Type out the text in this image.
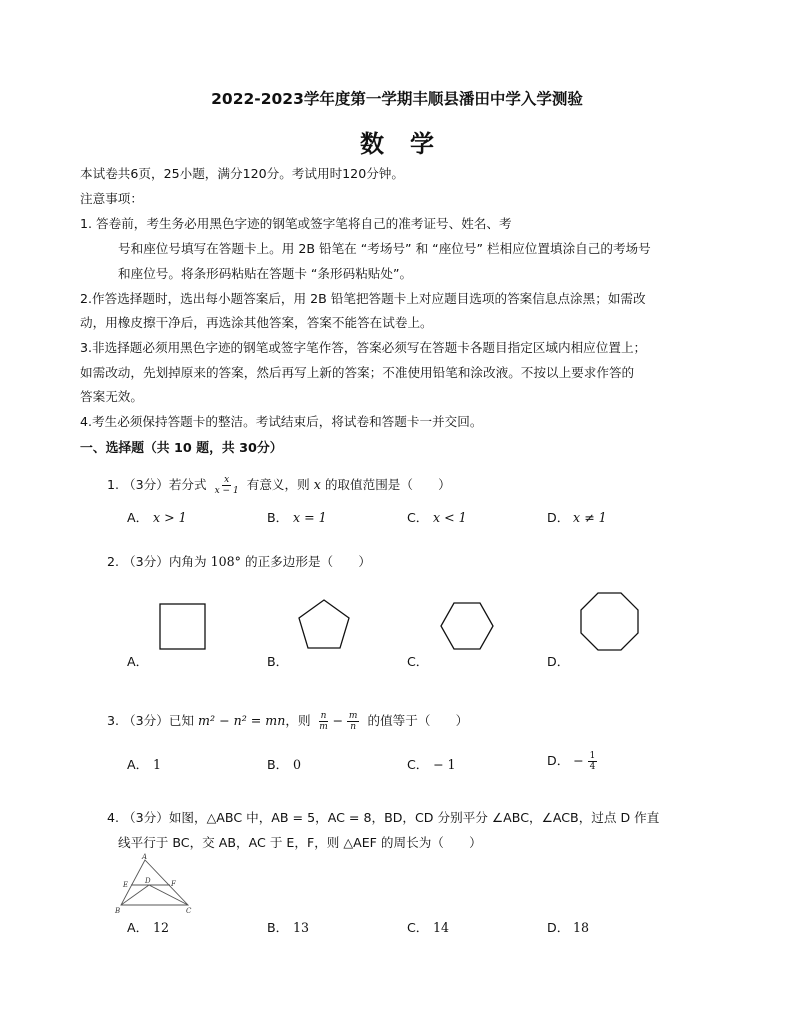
2022-2023学年度第一学期丰顺县潘田中学入学测验
数学
本试卷共6页，25小题，满分120分。考试用时120分钟。
注意事项：
1. 答卷前，考生务必用黑色字迹的钢笔或签字笔将自己的准考证号、姓名、考
号和座位号填写在答题卡上。用 2B 铅笔在 “考场号” 和 “座位号” 栏相应位置填涂自己的考场号
和座位号。将条形码粘贴在答题卡 “条形码粘贴处”。
2.作答选择题时，选出每小题答案后，用 2B 铅笔把答题卡上对应题目选项的答案信息点涂黑；如需改
动，用橡皮擦干净后，再选涂其他答案，答案不能答在试卷上。
3.非选择题必须用黑色字迹的钢笔或签字笔作答，答案必须写在答题卡各题目指定区域内相应位置上；
如需改动，先划掉原来的答案，然后再写上新的答案；不准使用铅笔和涂改液。不按以上要求作答的
答案无效。
4.考生必须保持答题卡的整洁。考试结束后，将试卷和答题卡一并交回。
一、选择题（共 10 题，共 30分）
1. （3分）若分式 $\frac{x}{x - 1}$ 有意义，则 x 的取值范围是（　　）
A． x > 1	B． x = 1	C． x < 1	D． x ≠ 1
2. （3分）内角为 108° 的正多边形是（　　）
A．	B．	C．	D．
3. （3分）已知 m² − n² = mn，则 $\frac{n}{m} - \frac{m}{n}$ 的值等于（　　）
A． 1	B． 0	C． − 1	D． − $\frac{1}{4}$
4. （3分）如图，△ABC 中，AB = 5，AC = 8，BD，CD 分别平分 ∠ABC，∠ACB，过点 D 作直
线平行于 BC，交 AB，AC 于 E，F，则 △AEF 的周长为（　　）
A
B	C
D
E	F
A． 12	B． 13	C． 14	D． 18
